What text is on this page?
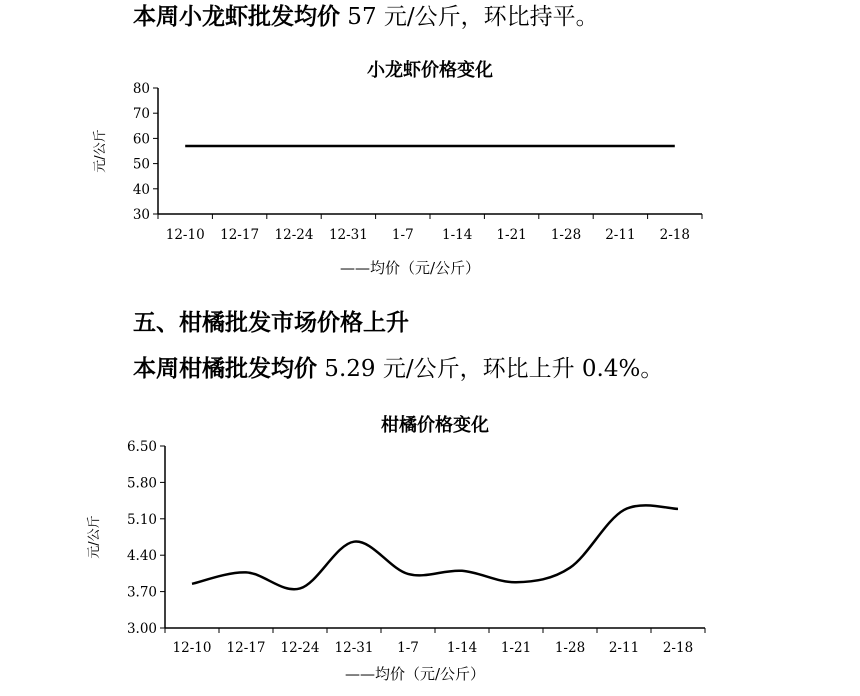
本周小龙虾批发均价 57 元/公斤，环比持平。
小龙虾价格变化
30
40
50
60
70
80
12-10 12-17 12-24 12-31 1-7 1-14 1-21 1-28 2-11 2-18
元/公斤
——均价（元/公斤）
五、柑橘批发市场价格上升
本周柑橘批发均价 5.29 元/公斤，环比上升 0.4%。
柑橘价格变化
3.00
3.70
4.40
5.10
5.80
6.50
12-10 12-17 12-24 12-31 1-7 1-14 1-21 1-28 2-11 2-18
元/公斤
——均价（元/公斤）
